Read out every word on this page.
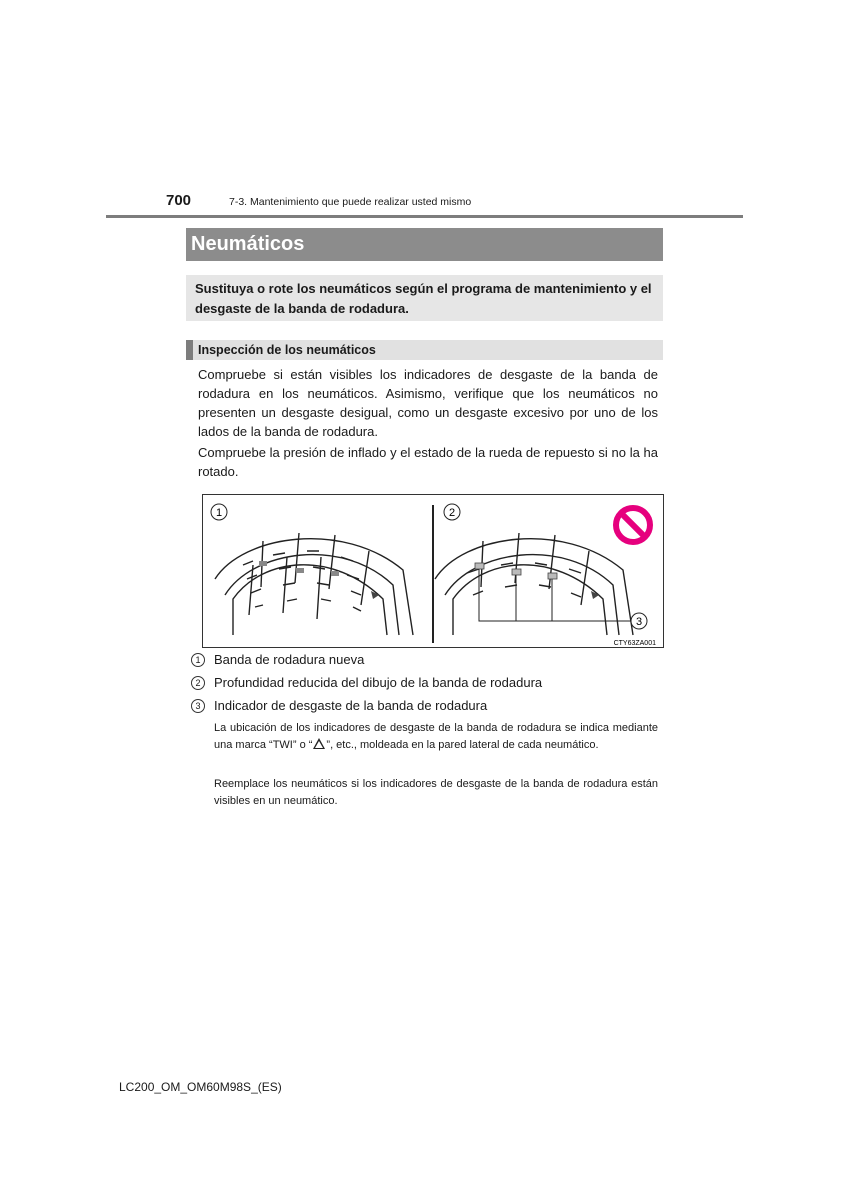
700	7-3. Mantenimiento que puede realizar usted mismo
Neumáticos
Sustituya o rote los neumáticos según el programa de mantenimiento y el desgaste de la banda de rodadura.
Inspección de los neumáticos
Compruebe si están visibles los indicadores de desgaste de la banda de rodadura en los neumáticos. Asimismo, verifique que los neumáticos no presenten un desgaste desigual, como un desgaste excesivo por uno de los lados de la banda de rodadura.
Compruebe la presión de inflado y el estado de la rueda de repuesto si no la ha rotado.
1	2
3
CTY63ZA001
1 Banda de rodadura nueva
2 Profundidad reducida del dibujo de la banda de rodadura
3 Indicador de desgaste de la banda de rodadura
La ubicación de los indicadores de desgaste de la banda de rodadura se indica mediante una marca “TWI” o “ ”, etc., moldeada en la pared lateral de cada neumático.
Reemplace los neumáticos si los indicadores de desgaste de la banda de rodadura están visibles en un neumático.
LC200_OM_OM60M98S_(ES)
